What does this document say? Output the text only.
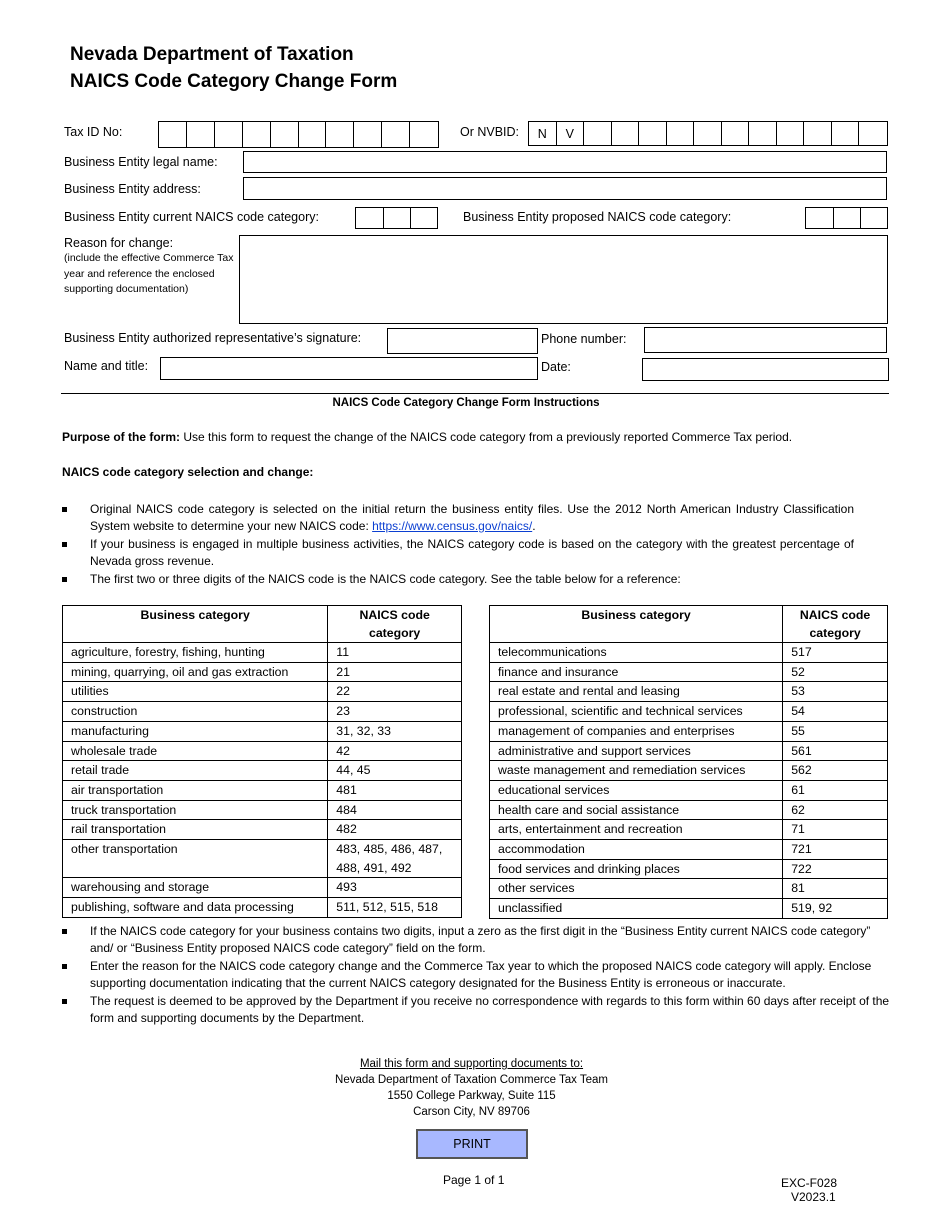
Nevada Department of Taxation
NAICS Code Category Change Form
Tax ID No:	Or NVBID:	N	V
Business Entity legal name:
Business Entity address:
Business Entity current NAICS code category:	Business Entity proposed NAICS code category:
Reason for change:
(include the effective Commerce Tax year and reference the enclosed supporting documentation)
Business Entity authorized representative’s signature:	Phone number:
Name and title:	Date:
NAICS Code Category Change Form Instructions
Purpose of the form: Use this form to request the change of the NAICS code category from a previously reported Commerce Tax period.
NAICS code category selection and change:
Original NAICS code category is selected on the initial return the business entity files. Use the 2012 North American Industry Classification System website to determine your new NAICS code: https://www.census.gov/naics/.
If your business is engaged in multiple business activities, the NAICS category code is based on the category with the greatest percentage of Nevada gross revenue.
The first two or three digits of the NAICS code is the NAICS code category. See the table below for a reference:
Business category	NAICS code category
agriculture, forestry, fishing, hunting	11
mining, quarrying, oil and gas extraction	21
utilities	22
construction	23
manufacturing	31, 32, 33
wholesale trade	42
retail trade	44, 45
air transportation	481
truck transportation	484
rail transportation	482
other transportation	483, 485, 486, 487, 488, 491, 492
warehousing and storage	493
publishing, software and data processing	511, 512, 515, 518
Business category	NAICS code category
telecommunications	517
finance and insurance	52
real estate and rental and leasing	53
professional, scientific and technical services	54
management of companies and enterprises	55
administrative and support services	561
waste management and remediation services	562
educational services	61
health care and social assistance	62
arts, entertainment and recreation	71
accommodation	721
food services and drinking places	722
other services	81
unclassified	519, 92
If the NAICS code category for your business contains two digits, input a zero as the first digit in the “Business Entity current NAICS code category” and/ or “Business Entity proposed NAICS code category” field on the form.
Enter the reason for the NAICS code category change and the Commerce Tax year to which the proposed NAICS code category will apply. Enclose supporting documentation indicating that the current NAICS category designated for the Business Entity is erroneous or inaccurate.
The request is deemed to be approved by the Department if you receive no correspondence with regards to this form within 60 days after receipt of the form and supporting documents by the Department.
Mail this form and supporting documents to:
Nevada Department of Taxation Commerce Tax Team
1550 College Parkway, Suite 115
Carson City, NV 89706
PRINT
Page 1 of 1	EXC-F028
V2023.1
